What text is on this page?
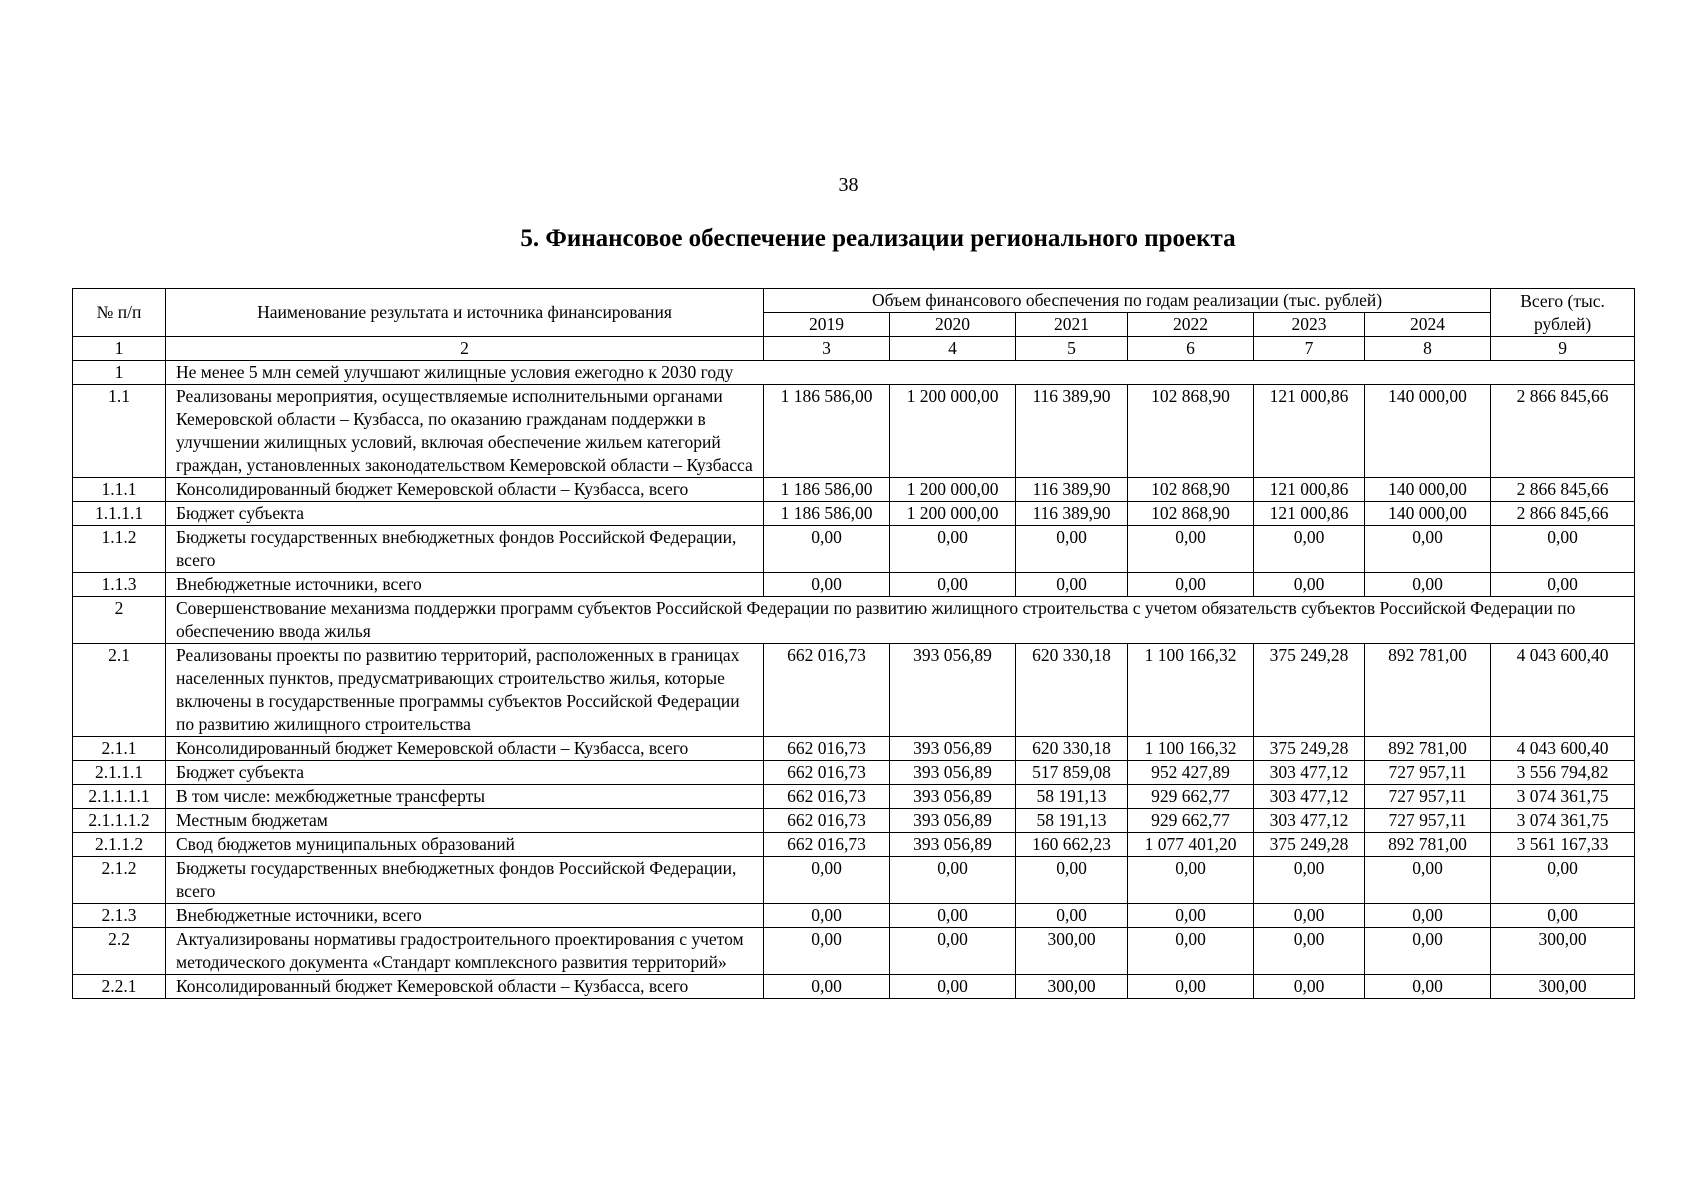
38
5. Финансовое обеспечение реализации регионального проекта
№ п/п	Наименование результата и источника финансирования	Объем финансового обеспечения по годам реализации (тыс. рублей)						Всего (тыс. рублей)
		2019	2020	2021	2022	2023	2024	
1	2	3	4	5	6	7	8	9
1	Не менее 5 млн семей улучшают жилищные условия ежегодно к 2030 году							
1.1	Реализованы мероприятия, осуществляемые исполнительными органами Кемеровской области – Кузбасса, по оказанию гражданам поддержки в улучшении жилищных условий, включая обеспечение жильем категорий граждан, установленных законодательством Кемеровской области – Кузбасса	1 186 586,00	1 200 000,00	116 389,90	102 868,90	121 000,86	140 000,00	2 866 845,66
1.1.1	Консолидированный бюджет Кемеровской области – Кузбасса, всего	1 186 586,00	1 200 000,00	116 389,90	102 868,90	121 000,86	140 000,00	2 866 845,66
1.1.1.1	Бюджет субъекта	1 186 586,00	1 200 000,00	116 389,90	102 868,90	121 000,86	140 000,00	2 866 845,66
1.1.2	Бюджеты государственных внебюджетных фондов Российской Федерации, всего	0,00	0,00	0,00	0,00	0,00	0,00	0,00
1.1.3	Внебюджетные источники, всего	0,00	0,00	0,00	0,00	0,00	0,00	0,00
2	Совершенствование механизма поддержки программ субъектов Российской Федерации по развитию жилищного строительства с учетом обязательств субъектов Российской Федерации по обеспечению ввода жилья							
2.1	Реализованы проекты по развитию территорий, расположенных в границах населенных пунктов, предусматривающих строительство жилья, которые включены в государственные программы субъектов Российской Федерации по развитию жилищного строительства	662 016,73	393 056,89	620 330,18	1 100 166,32	375 249,28	892 781,00	4 043 600,40
2.1.1	Консолидированный бюджет Кемеровской области – Кузбасса, всего	662 016,73	393 056,89	620 330,18	1 100 166,32	375 249,28	892 781,00	4 043 600,40
2.1.1.1	Бюджет субъекта	662 016,73	393 056,89	517 859,08	952 427,89	303 477,12	727 957,11	3 556 794,82
2.1.1.1.1	В том числе: межбюджетные трансферты	662 016,73	393 056,89	58 191,13	929 662,77	303 477,12	727 957,11	3 074 361,75
2.1.1.1.2	Местным бюджетам	662 016,73	393 056,89	58 191,13	929 662,77	303 477,12	727 957,11	3 074 361,75
2.1.1.2	Свод бюджетов муниципальных образований	662 016,73	393 056,89	160 662,23	1 077 401,20	375 249,28	892 781,00	3 561 167,33
2.1.2	Бюджеты государственных внебюджетных фондов Российской Федерации, всего	0,00	0,00	0,00	0,00	0,00	0,00	0,00
2.1.3	Внебюджетные источники, всего	0,00	0,00	0,00	0,00	0,00	0,00	0,00
2.2	Актуализированы нормативы градостроительного проектирования с учетом методического документа «Стандарт комплексного развития территорий»	0,00	0,00	300,00	0,00	0,00	0,00	300,00
2.2.1	Консолидированный бюджет Кемеровской области – Кузбасса, всего	0,00	0,00	300,00	0,00	0,00	0,00	300,00
